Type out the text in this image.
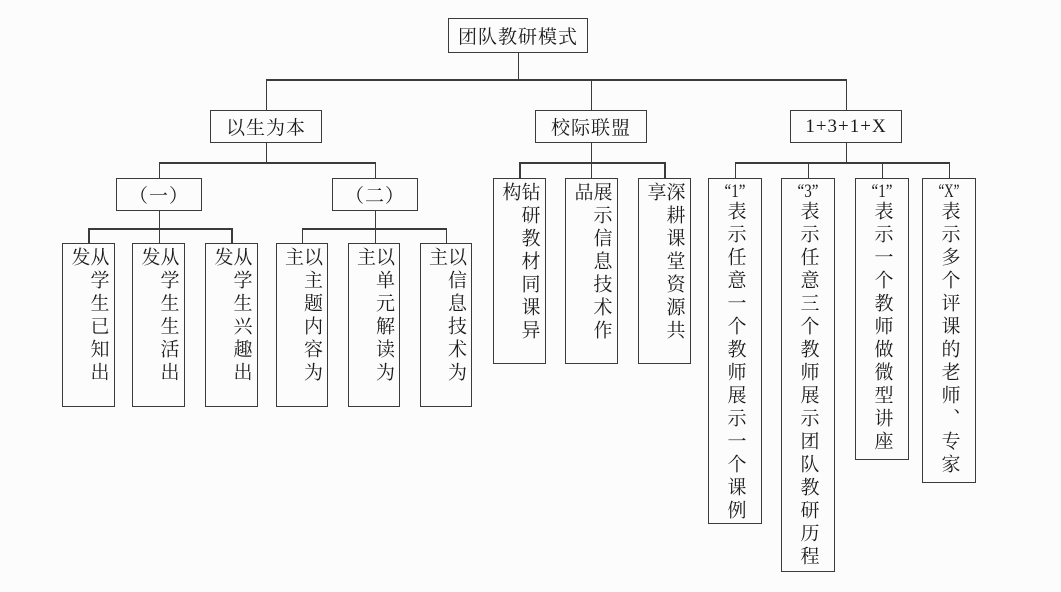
团队教研模式
以生为本	校际联盟	1+3+1+X
（一）	（二）
从学生已知出发	从学生生活出发	从学生兴趣出发	以主题内容为主	以单元解读为主	以信息技术为主	钻研教材同课异构	展示信息技术作品	深耕课堂资源共享	“1”表示任意一个教师展示一个课例
“3”表示任意三个教师展示团队教研历程
“1”表示一个教师做微型讲座
“X”表示多个评课的老师、专家
